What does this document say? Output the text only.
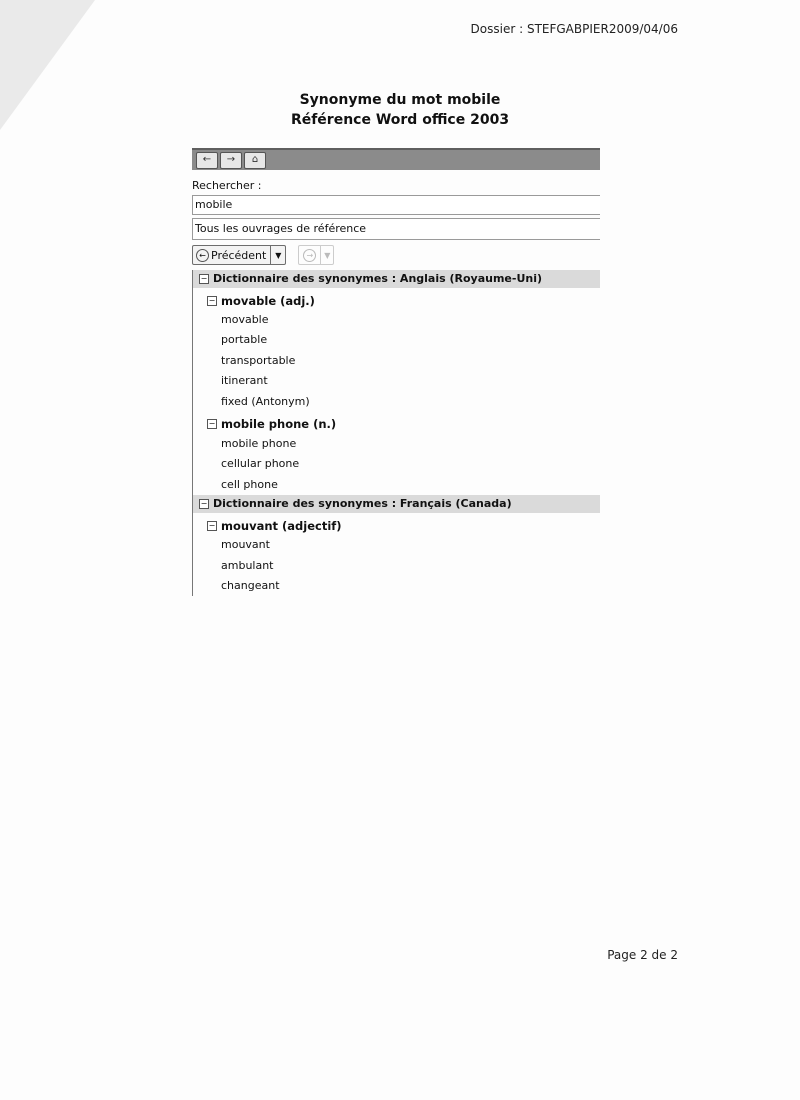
Dossier : STEFGABPIER2009/04/06
Synonyme du mot mobile
Référence Word office 2003
←	→	⌂
Rechercher :
mobile
Tous les ouvrages de référence
← Précédent	▼	→	▼
− Dictionnaire des synonymes : Anglais (Royaume-Uni)
− movable (adj.)
movable
portable
transportable
itinerant
fixed (Antonym)
− mobile phone (n.)
mobile phone
cellular phone
cell phone
− Dictionnaire des synonymes : Français (Canada)
− mouvant (adjectif)
mouvant
ambulant
changeant
Page 2 de 2
